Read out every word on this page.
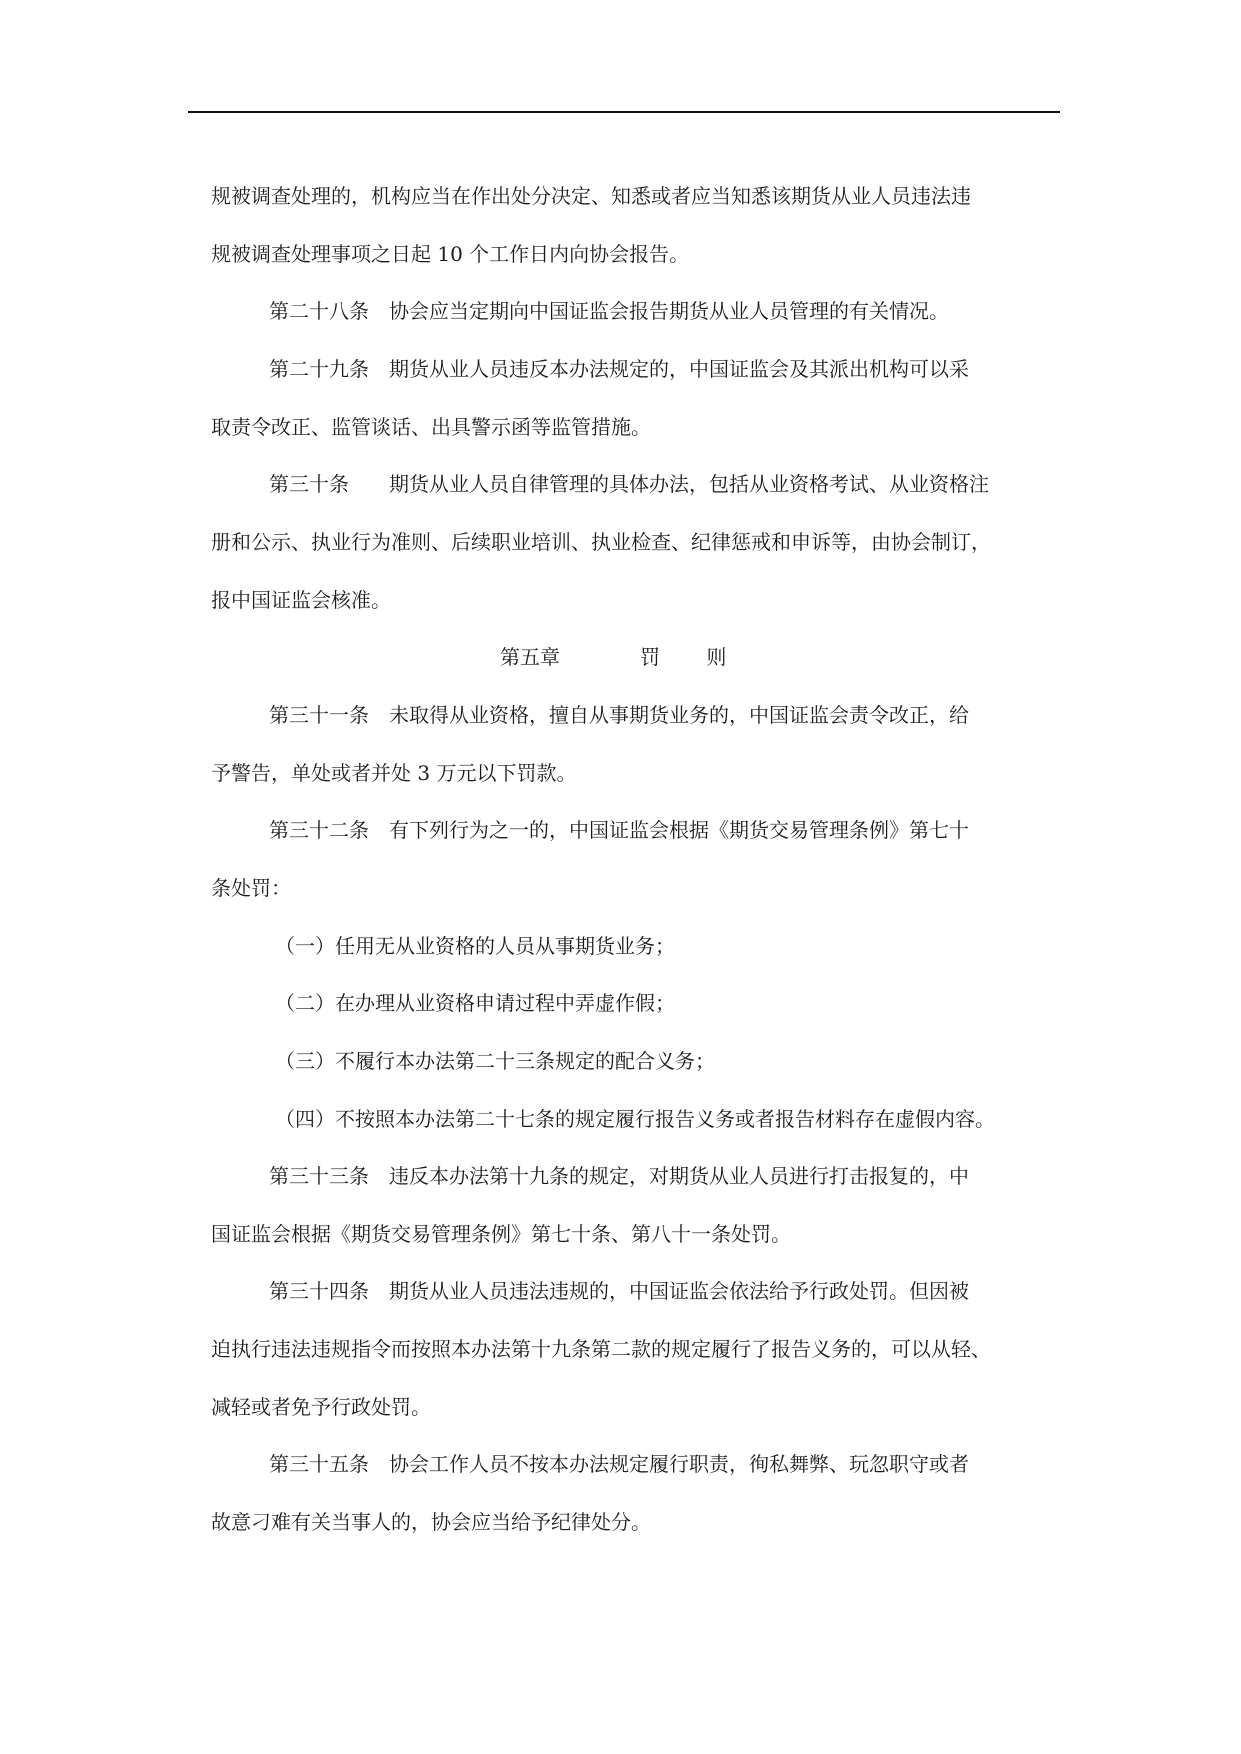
规被调查处理的，机构应当在作出处分决定、知悉或者应当知悉该期货从业人员违法违
规被调查处理事项之日起 10 个工作日内向协会报告。
第二十八条 协会应当定期向中国证监会报告期货从业人员管理的有关情况。
第二十九条 期货从业人员违反本办法规定的，中国证监会及其派出机构可以采
取责令改正、监管谈话、出具警示函等监管措施。
第三十条 期货从业人员自律管理的具体办法，包括从业资格考试、从业资格注
册和公示、执业行为准则、后续职业培训、执业检查、纪律惩戒和申诉等，由协会制订，
报中国证监会核准。
第五章	罚 则
第三十一条 未取得从业资格，擅自从事期货业务的，中国证监会责令改正，给
予警告，单处或者并处 3 万元以下罚款。
第三十二条 有下列行为之一的，中国证监会根据《期货交易管理条例》第七十
条处罚：
（一）任用无从业资格的人员从事期货业务；
（二）在办理从业资格申请过程中弄虚作假；
（三）不履行本办法第二十三条规定的配合义务；
（四）不按照本办法第二十七条的规定履行报告义务或者报告材料存在虚假内容。
第三十三条 违反本办法第十九条的规定，对期货从业人员进行打击报复的，中
国证监会根据《期货交易管理条例》第七十条、第八十一条处罚。
第三十四条 期货从业人员违法违规的，中国证监会依法给予行政处罚。但因被
迫执行违法违规指令而按照本办法第十九条第二款的规定履行了报告义务的，可以从轻、
减轻或者免予行政处罚。
第三十五条 协会工作人员不按本办法规定履行职责，徇私舞弊、玩忽职守或者
故意刁难有关当事人的，协会应当给予纪律处分。
